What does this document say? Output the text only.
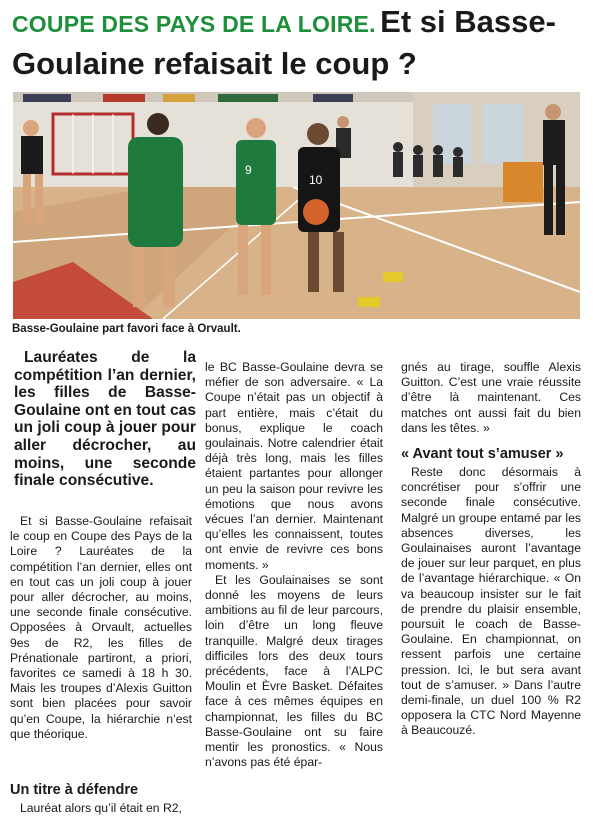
COUPE DES PAYS DE LA LOIRE. Et si Basse-Goulaine refaisait le coup ?
9
10
Basse-Goulaine part favori face à Orvault.

Lauréates de la compétition l’an dernier, les filles de Basse-Goulaine ont en tout cas un joli coup à jouer pour aller décrocher, au moins, une seconde finale consécutive.

Et si Basse-Goulaine refaisait le coup en Coupe des Pays de la Loire ? Lauréates de la compétition l’an dernier, elles ont en tout cas un joli coup à jouer pour aller décrocher, au moins, une seconde finale consécutive. Opposées à Orvault, actuelles 9es de R2, les filles de Prénationale partiront, a priori, favorites ce samedi à 18 h 30. Mais les troupes d’Alexis Guitton sont bien placées pour savoir qu’en Coupe, la hiérarchie n’est que théorique.

Un titre à défendre

Lauréat alors qu’il était en R2,

le BC Basse-Goulaine devra se méfier de son adversaire. « La Coupe n’était pas un objectif à part entière, mais c’était du bonus, explique le coach goulainais. Notre calendrier était déjà très long, mais les filles étaient partantes pour allonger un peu la saison pour revivre les émotions que nous avons vécues l’an dernier. Maintenant qu’elles les connaissent, toutes ont envie de revivre ces bons moments. »

Et les Goulainaises se sont donné les moyens de leurs ambitions au fil de leur parcours, loin d’être un long fleuve tranquille. Malgré deux tirages difficiles lors des deux tours précédents, face à l’ALPC Moulin et Èvre Basket. Défaites face à ces mêmes équipes en championnat, les filles du BC Basse-Goulaine ont su faire mentir les pronostics. « Nous n’avons pas été épar-

gnés au tirage, souffle Alexis Guitton. C’est une vraie réussite d’être là maintenant. Ces matches ont aussi fait du bien dans les têtes. »

« Avant tout s’amuser »

Reste donc désormais à concrétiser pour s’offrir une seconde finale consécutive. Malgré un groupe entamé par les absences diverses, les Goulainaises auront l’avantage de jouer sur leur parquet, en plus de l’avantage hiérarchique. « On va beaucoup insister sur le fait de prendre du plaisir ensemble, poursuit le coach de Basse-Goulaine. En championnat, on ressent parfois une certaine pression. Ici, le but sera avant tout de s’amuser. » Dans l’autre demi-finale, un duel 100 % R2 opposera la CTC Nord Mayenne à Beaucouzé.
